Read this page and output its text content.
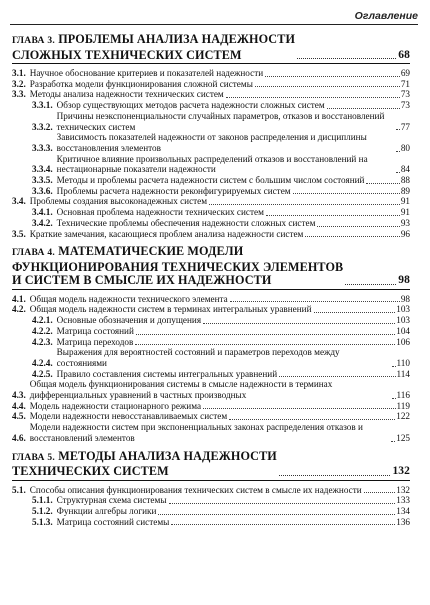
Оглавление
ГЛАВА 3. ПРОБЛЕМЫ АНАЛИЗА НАДЕЖНОСТИ
СЛОЖНЫХ ТЕХНИЧЕСКИХ СИСТЕМ	68
3.1. Научное обоснование критериев и показателей надежности	69
3.2. Разработка модели функционирования сложной системы	71
3.3. Методы анализа надежности технических систем	73
3.3.1. Обзор существующих методов расчета надежности сложных систем	73
3.3.2.
Причины неэкспоненциальности случайных параметров, отказов и восстановлений технических систем	77
3.3.3.
Зависимость показателей надежности от законов распределения и дисциплины восстановления элементов	80
3.3.4.
Критичное влияние произвольных распределений отказов и восстановлений на нестационарные показатели надежности	84
3.3.5. Методы и проблемы расчета надежности систем с большим числом состояний	88
3.3.6. Проблемы расчета надежности реконфигурируемых систем	89
3.4. Проблемы создания высоконадежных систем	91
3.4.1. Основная проблема надежности технических систем	91
3.4.2. Технические проблемы обеспечения надежности сложных систем	93
3.5. Краткие замечания, касающиеся проблем анализа надежности систем	96
ГЛАВА 4. МАТЕМАТИЧЕСКИЕ МОДЕЛИ
ФУНКЦИОНИРОВАНИЯ ТЕХНИЧЕСКИХ ЭЛЕМЕНТОВ
И СИСТЕМ В СМЫСЛЕ ИХ НАДЕЖНОСТИ	98
4.1. Общая модель надежности технического элемента	98
4.2. Общая модель надежности систем в терминах интегральных уравнений	103
4.2.1. Основные обозначения и допущения	103
4.2.2. Матрица состояний	104
4.2.3. Матрица переходов	106
4.2.4.
Выражения для вероятностей состояний и параметров переходов между состояниями	110
4.2.5. Правило составления системы интегральных уравнений	114
4.3.
Общая модель функционирования системы в смысле надежности в терминах дифференциальных уравнений в частных производных	116
4.4. Модель надежности стационарного режима	119
4.5. Модели надежности невосстанавливаемых систем	122
4.6.
Модели надежности систем при экспоненциальных законах распределения отказов и восстановлений элементов	125
ГЛАВА 5. МЕТОДЫ АНАЛИЗА НАДЕЖНОСТИ
ТЕХНИЧЕСКИХ СИСТЕМ	132
5.1. Способы описания функционирования технических систем в смысле их надежности	132
5.1.1. Структурная схема системы	133
5.1.2. Функции алгебры логики	134
5.1.3. Матрица состояний системы	136
